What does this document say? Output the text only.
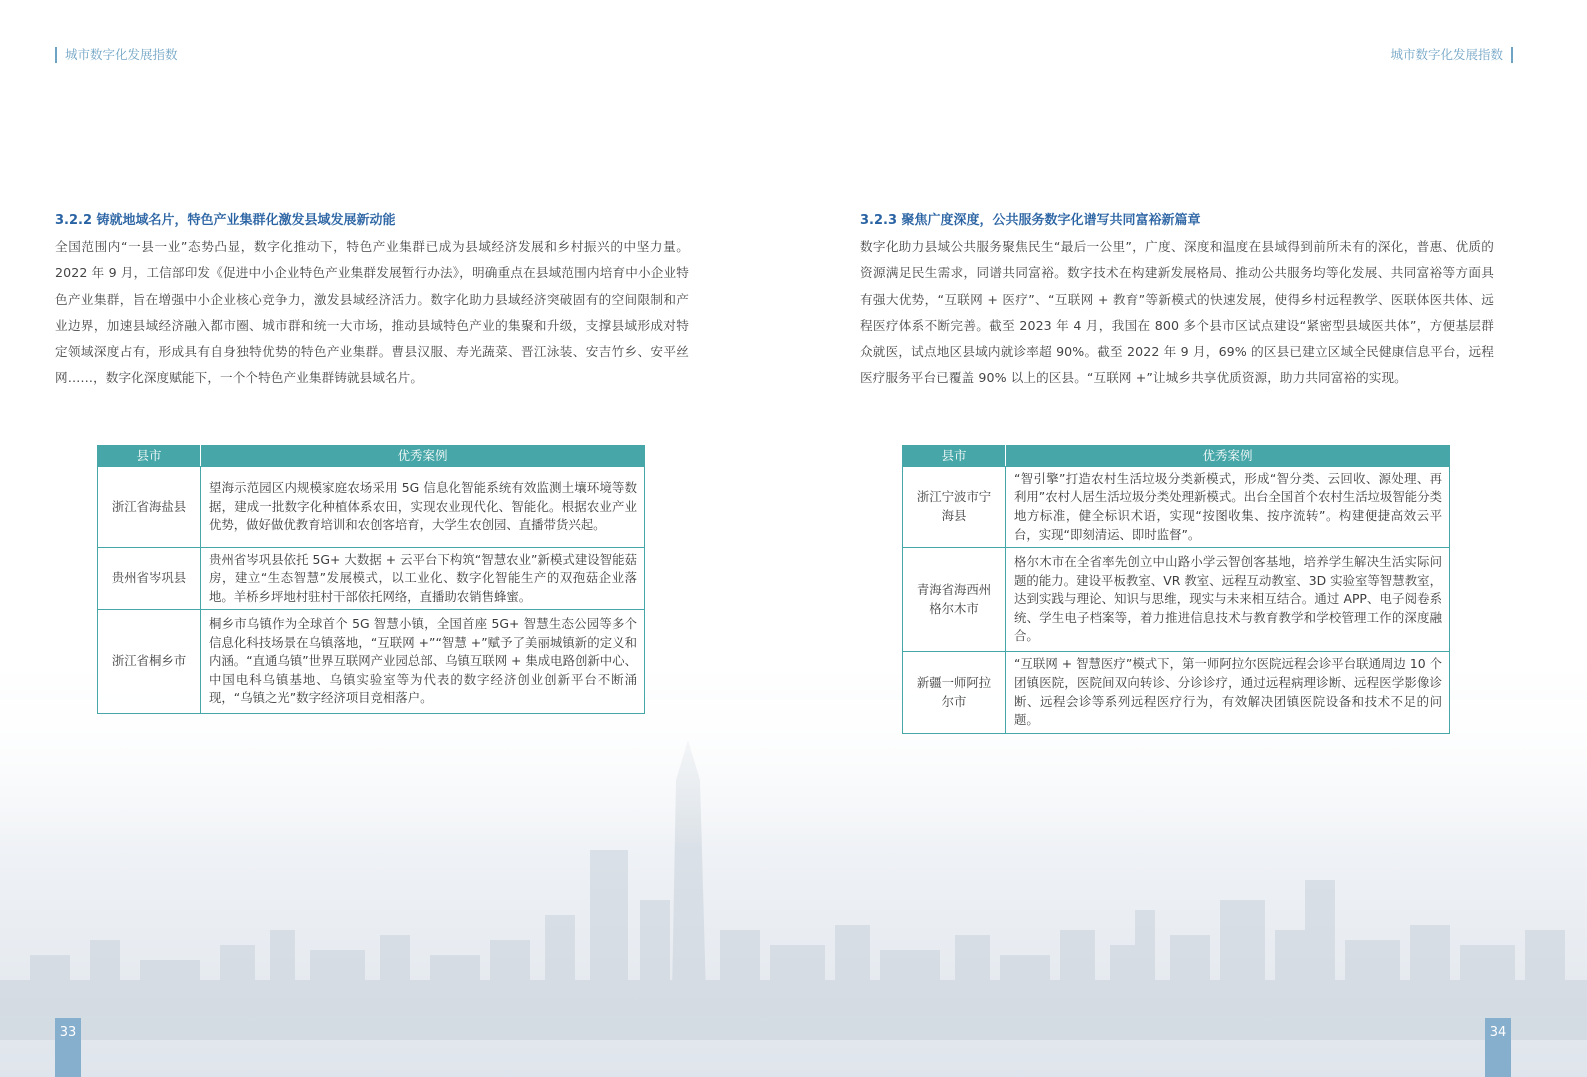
城市数字化发展指数	城市数字化发展指数
3.2.2 铸就地域名片，特色产业集群化激发县域发展新动能

全国范围内“一县一业”态势凸显，数字化推动下，特色产业集群已成为县域经济发展和乡村振兴的中坚力量。2022 年 9 月，工信部印发《促进中小企业特色产业集群发展暂行办法》，明确重点在县域范围内培育中小企业特色产业集群，旨在增强中小企业核心竞争力，激发县域经济活力。数字化助力县域经济突破固有的空间限制和产业边界，加速县域经济融入都市圈、城市群和统一大市场，推动县域特色产业的集聚和升级，支撑县域形成对特定领域深度占有，形成具有自身独特优势的特色产业集群。曹县汉服、寿光蔬菜、晋江泳装、安吉竹乡、安平丝网……，数字化深度赋能下，一个个特色产业集群铸就县域名片。

县市	优秀案例
浙江省海盐县	望海示范园区内规模家庭农场采用 5G 信息化智能系统有效监测土壤环境等数据，建成一批数字化种植体系农田，实现农业现代化、智能化。根据农业产业优势，做好做优教育培训和农创客培育，大学生农创园、直播带货兴起。
贵州省岑巩县	贵州省岑巩县依托 5G+ 大数据 + 云平台下构筑“智慧农业”新模式建设智能菇房，建立“生态智慧”发展模式，以工业化、数字化智能生产的双孢菇企业落地。羊桥乡坪地村驻村干部依托网络，直播助农销售蜂蜜。
浙江省桐乡市	桐乡市乌镇作为全球首个 5G 智慧小镇，全国首座 5G+ 智慧生态公园等多个信息化科技场景在乌镇落地，“互联网 +”“智慧 +”赋予了美丽城镇新的定义和内涵。“直通乌镇”世界互联网产业园总部、乌镇互联网 + 集成电路创新中心、中国电科乌镇基地、乌镇实验室等为代表的数字经济创业创新平台不断涌现，“乌镇之光”数字经济项目竞相落户。
3.2.3 聚焦广度深度，公共服务数字化谱写共同富裕新篇章

数字化助力县域公共服务聚焦民生“最后一公里”，广度、深度和温度在县域得到前所未有的深化，普惠、优质的资源满足民生需求，同谱共同富裕。数字技术在构建新发展格局、推动公共服务均等化发展、共同富裕等方面具有强大优势，“互联网 + 医疗”、“互联网 + 教育”等新模式的快速发展，使得乡村远程教学、医联体医共体、远程医疗体系不断完善。截至 2023 年 4 月，我国在 800 多个县市区试点建设“紧密型县域医共体”，方便基层群众就医，试点地区县域内就诊率超 90%。截至 2022 年 9 月，69% 的区县已建立区域全民健康信息平台，远程医疗服务平台已覆盖 90% 以上的区县。“互联网 +”让城乡共享优质资源，助力共同富裕的实现。

县市	优秀案例
浙江宁波市宁海县	“智引擎”打造农村生活垃圾分类新模式，形成“智分类、云回收、源处理、再利用”农村人居生活垃圾分类处理新模式。出台全国首个农村生活垃圾智能分类地方标准，健全标识术语，实现“按图收集、按序流转”。构建便捷高效云平台，实现“即刻清运、即时监督”。
青海省海西州格尔木市	格尔木市在全省率先创立中山路小学云智创客基地，培养学生解决生活实际问题的能力。建设平板教室、VR 教室、远程互动教室、3D 实验室等智慧教室，达到实践与理论、知识与思维，现实与未来相互结合。通过 APP、电子阅卷系统、学生电子档案等，着力推进信息技术与教育教学和学校管理工作的深度融合。
新疆一师阿拉尔市	“互联网 + 智慧医疗”模式下，第一师阿拉尔医院远程会诊平台联通周边 10 个团镇医院，医院间双向转诊、分诊诊疗，通过远程病理诊断、远程医学影像诊断、远程会诊等系列远程医疗行为，有效解决团镇医院设备和技术不足的问题。
33	34
